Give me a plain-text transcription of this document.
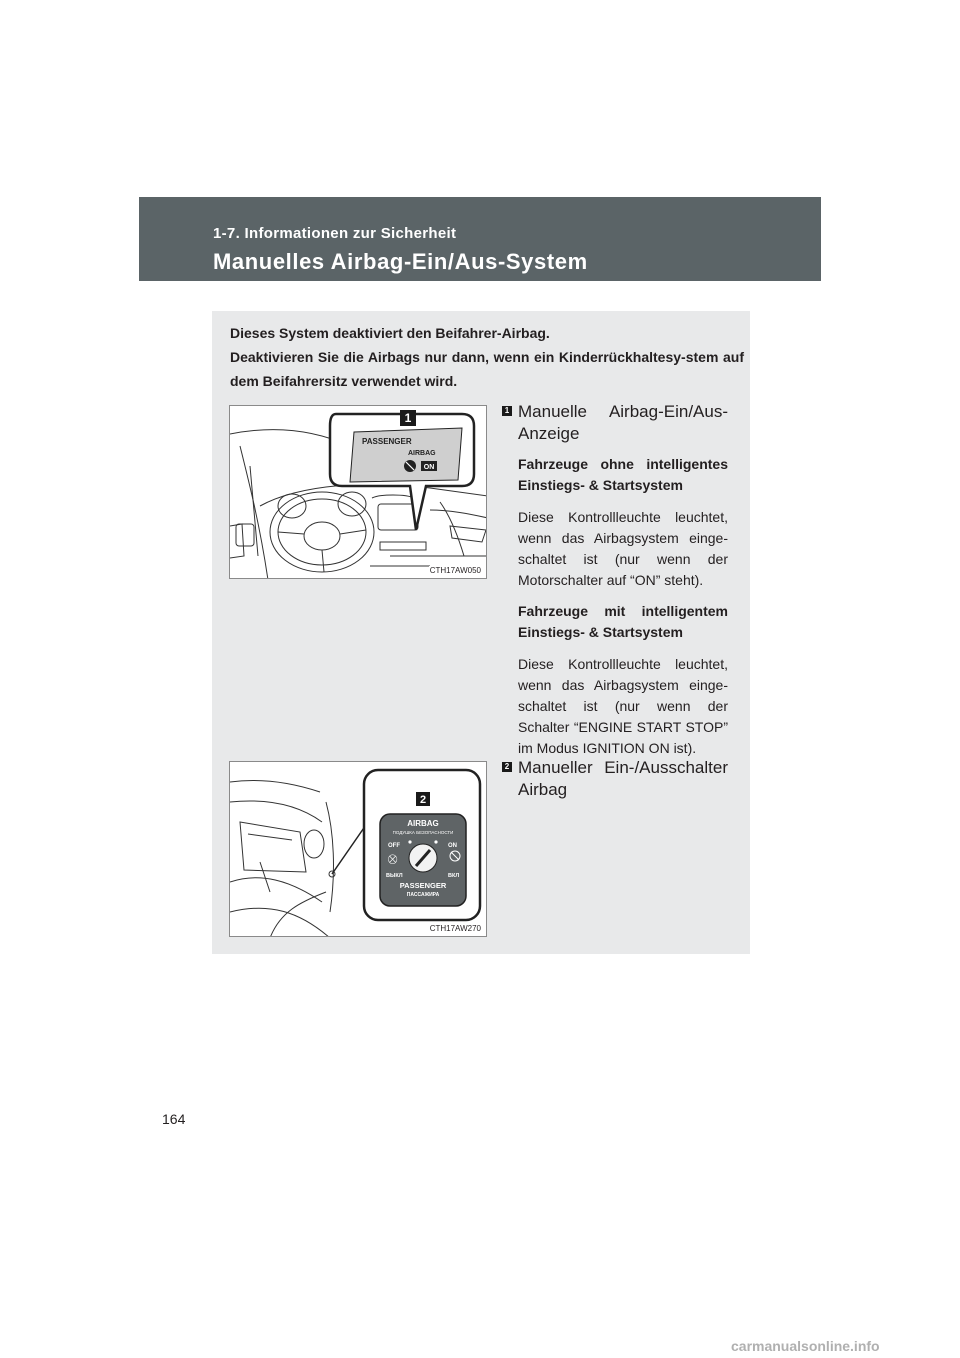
1-7. Informationen zur Sicherheit
Manuelles Airbag-Ein/Aus-System

Dieses System deaktiviert den Beifahrer-Airbag.

Deaktivieren Sie die Airbags nur dann, wenn ein Kinderrückhaltesy-stem auf dem Beifahrersitz verwendet wird.

1
PASSENGER
AIRBAG
ON
CTH17AW050
1 Manuelle Airbag-Ein/Aus-Anzeige

Fahrzeuge ohne intelligentes Einstiegs- & Startsystem

Diese Kontrollleuchte leuchtet, wenn das Airbagsystem einge-schaltet ist (nur wenn der Motorschalter auf “ON” steht).

Fahrzeuge mit intelligentem Einstiegs- & Startsystem

Diese Kontrollleuchte leuchtet, wenn das Airbagsystem einge-schaltet ist (nur wenn der Schalter “ENGINE START STOP” im Modus IGNITION ON ist).

2
AIRBAG
ПОДУШКА БЕЗОПАСНОСТИ
OFF	ON
⛒
ВЫКЛ	ВКЛ
PASSENGER
ПАССАЖИРА
CTH17AW270
2 Manueller Ein-/Ausschalter Airbag
164
carmanualsonline.info
